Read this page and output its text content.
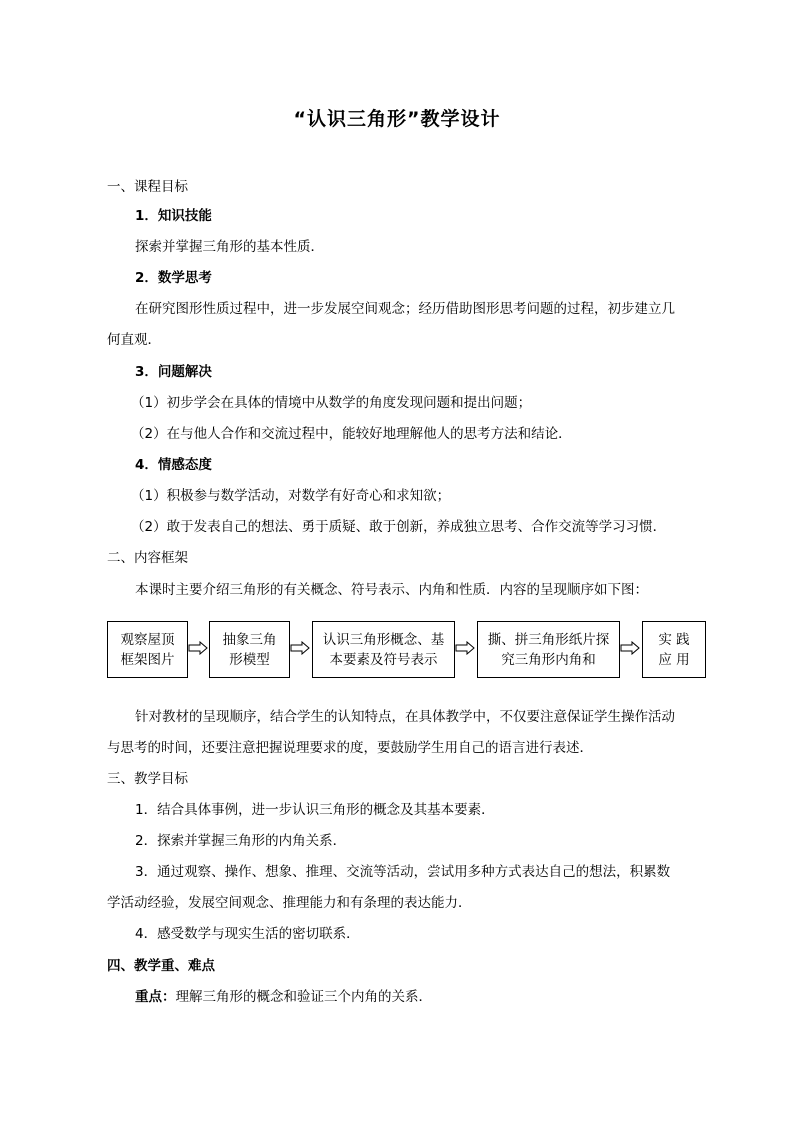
“认识三角形”教学设计
一、课程目标
1．知识技能
探索并掌握三角形的基本性质．
2．数学思考
在研究图形性质过程中，进一步发展空间观念；经历借助图形思考问题的过程，初步建立几
何直观．
3．问题解决
（1）初步学会在具体的情境中从数学的角度发现问题和提出问题；
（2）在与他人合作和交流过程中，能较好地理解他人的思考方法和结论．
4．情感态度
（1）积极参与数学活动，对数学有好奇心和求知欲；
（2）敢于发表自己的想法、勇于质疑、敢于创新，养成独立思考、合作交流等学习习惯．
二、内容框架
本课时主要介绍三角形的有关概念、符号表示、内角和性质．内容的呈现顺序如下图：
观察屋顶
框架图片
抽象三角
形模型
认识三角形概念、基
本要素及符号表示
撕、拼三角形纸片探
究三角形内角和
实 践
应 用
针对教材的呈现顺序，结合学生的认知特点，在具体教学中，不仅要注意保证学生操作活动
与思考的时间，还要注意把握说理要求的度，要鼓励学生用自己的语言进行表述．
三、教学目标
1．结合具体事例，进一步认识三角形的概念及其基本要素．
2．探索并掌握三角形的内角关系．
3．通过观察、操作、想象、推理、交流等活动，尝试用多种方式表达自己的想法，积累数
学活动经验，发展空间观念、推理能力和有条理的表达能力．
4．感受数学与现实生活的密切联系．
四、教学重、难点
重点：理解三角形的概念和验证三个内角的关系．
